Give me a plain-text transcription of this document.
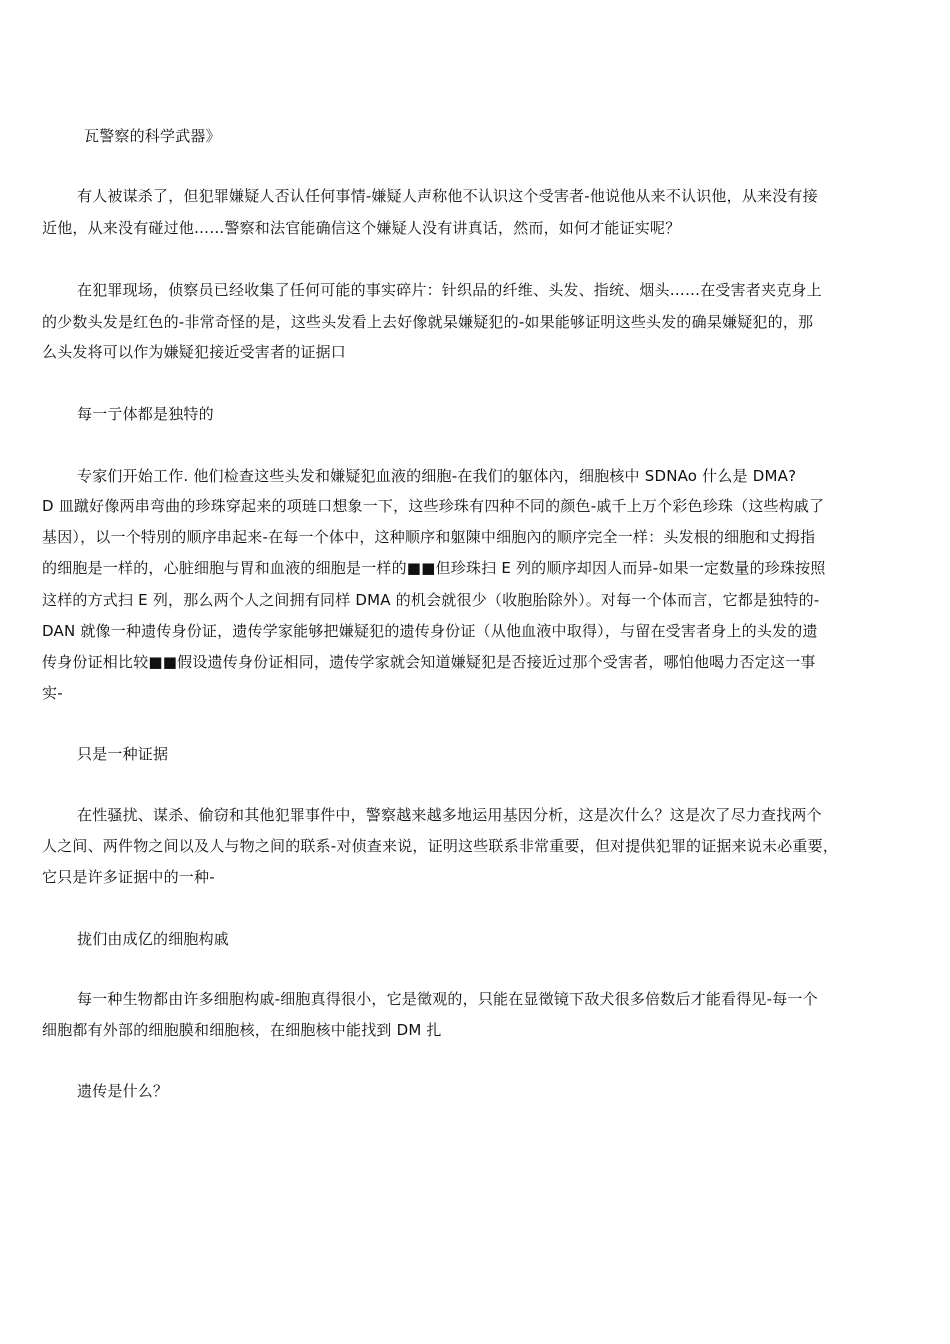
瓦警察的科学武器》
有人被谋杀了，但犯罪嫌疑人否认任何事情-嫌疑人声称他不认识这个受害者-他说他从来不认识他，从来没有接
近他，从来没有碰过他……警察和法官能确信这个嫌疑人没有讲真话，然而，如何才能证实呢？
在犯罪现场，侦察员已经收集了任何可能的事实碎片：针织品的纤维、头发、指统、烟头……在受害者夹克身上
的少数头发是红色的-非常奇怪的是，这些头发看上去好像就杲嫌疑犯的-如果能够证明这些头发的确杲嫌疑犯的，那
么头发将可以作为嫌疑犯接近受害者的证据口
每一亍体都是独特的
专家们开始工作. 他们检查这些头发和嫌疑犯血液的细胞-在我们的躯体內，细胞核中 SDNAo 什么是 DMA?
D 皿蹴好像两串弯曲的珍珠穿起来的项琏口想象一下，这些珍珠有四种不同的颜色-戚千上万个彩色珍珠（这些构戚了
基因），以一个特別的顺序串起来-在每一个体中，这种顺序和躯陳中细胞內的顺序完全一样：头发根的细胞和丈拇指
的细胞是一样的，心脏细胞与胃和血液的细胞是一样的■■但珍珠扫 E 列的顺序却因人而异-如果一定数量的珍珠按照
这样的方式扫 E 列，那么两个人之间拥有同样 DMA 的机会就很少（收胞胎除外）。对每一个体而言，它都是独特的-
DAN 就像一种遗传身份证，遗传学家能够把嫌疑犯的遗传身份证（从他血液中取得），与留在受害者身上的头发的遗
传身份证相比较■■假设遗传身份证相同，遗传学家就会知道嫌疑犯是否接近过那个受害者，哪怕他喝力否定这一事
实-
只是一种证据
在性骚扰、谋杀、偷窃和其他犯罪事件中，警察越来越多地运用基因分析，这是次什么？这是次了尽力查找两个
人之间、两件物之间以及人与物之间的联系-对侦查来说，证明这些联系非常重要，但对提供犯罪的证据来说未必重要，
它只是许多证据中的一种-
拢们由成亿的细胞构戚
每一种生物都由许多细胞构戚-细胞真得很小，它是徵观的，只能在显徵镜下敌犬很多倍数后才能看得见-每一个
细胞都有外部的细胞膜和细胞核，在细胞核中能找到 DM 扎
遗传是什么？
